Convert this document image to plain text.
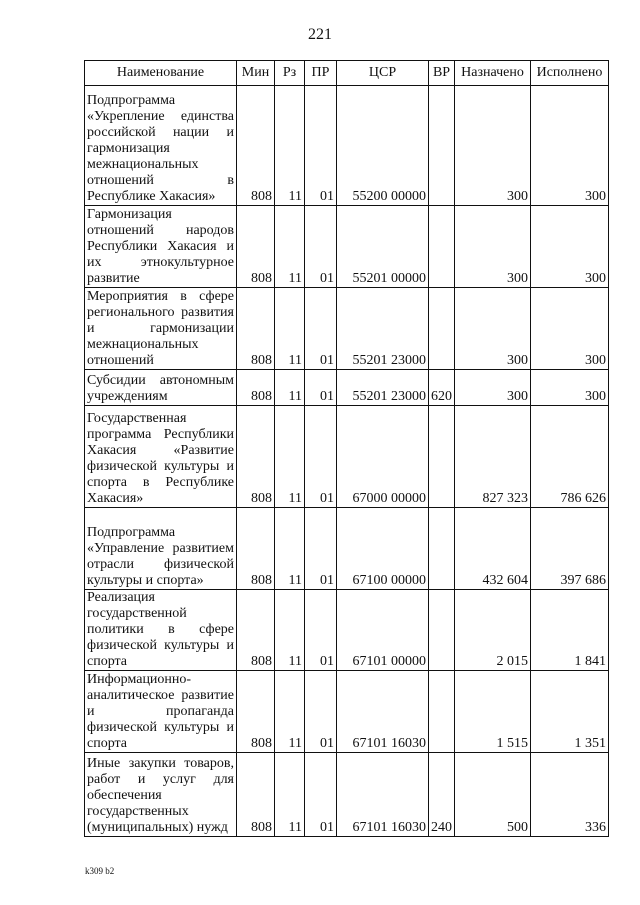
221
Наименование	Мин	Рз	ПР	ЦСР	ВР	Назначено	Исполнено
Подпрограмма «Укрепление единства российской нации и гармонизация межнациональных отношений в Республике Хакасия»	808	11	01	55200 00000		300	300
Гармонизация отношений народов Республики Хакасия и их этнокультурное развитие	808	11	01	55201 00000		300	300
Мероприятия в сфере регионального развития и гармонизации межнациональных отношений	808	11	01	55201 23000		300	300
Субсидии автономным учреждениям	808	11	01	55201 23000	620	300	300
Государственная программа Республики Хакасия «Развитие физической культуры и спорта в Республике Хакасия»	808	11	01	67000 00000		827 323	786 626
Подпрограмма «Управление развитием отрасли физической культуры и спорта»	808	11	01	67100 00000		432 604	397 686
Реализация государственной политики в сфере физической культуры и спорта	808	11	01	67101 00000		2 015	1 841
Информационно-аналитическое развитие и пропаганда физической культуры и спорта	808	11	01	67101 16030		1 515	1 351
Иные закупки товаров, работ и услуг для обеспечения государственных (муниципальных) нужд	808	11	01	67101 16030	240	500	336
k309 b2
